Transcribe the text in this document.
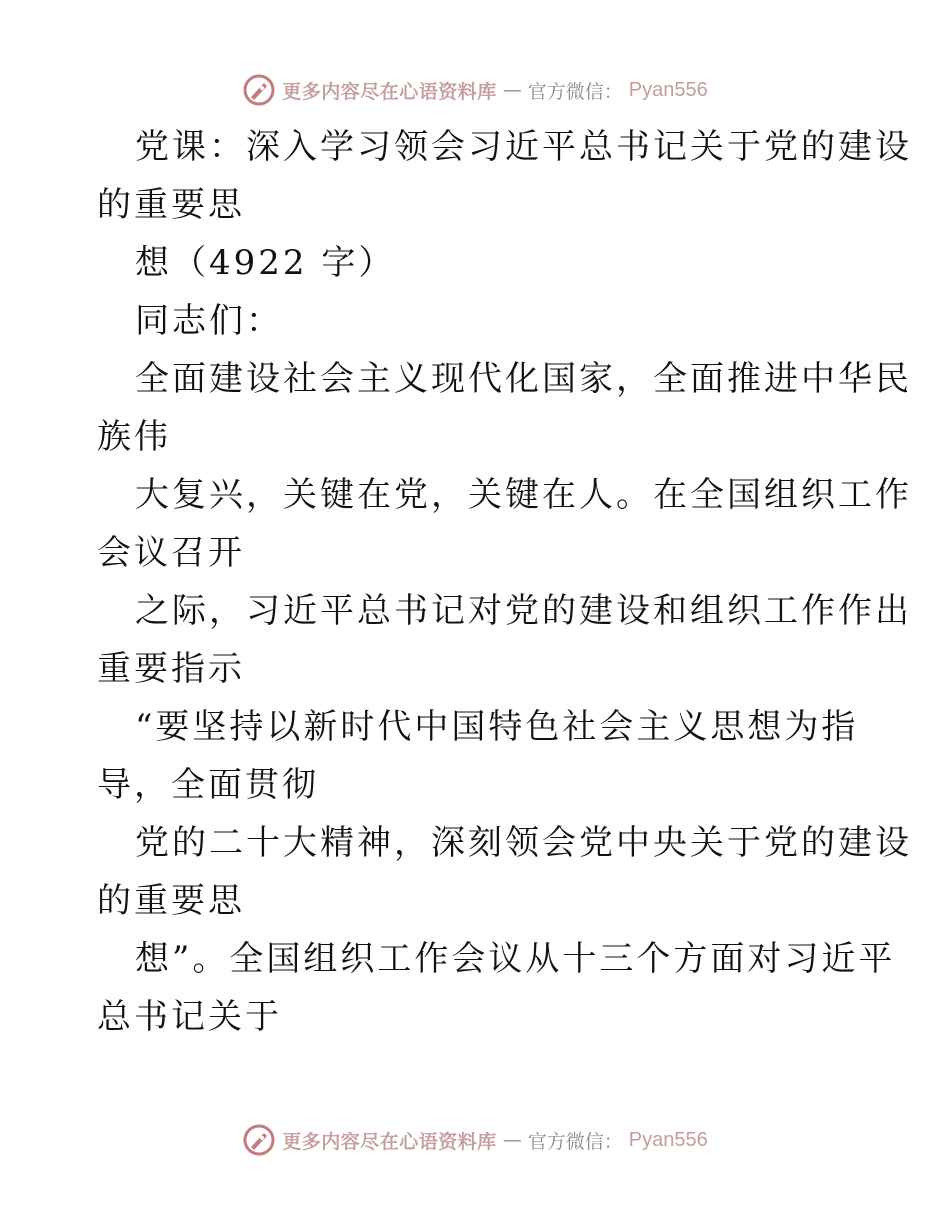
更多内容尽在心语资料库 — 官方微信： Pyan556
党课：深入学习领会习近平总书记关于党的建设
的重要思
想（4922 字）
同志们：
全面建设社会主义现代化国家，全面推进中华民
族伟
大复兴，关键在党，关键在人。在全国组织工作
会议召开
之际，习近平总书记对党的建设和组织工作作出
重要指示
“要坚持以新时代中国特色社会主义思想为指
导，全面贯彻
党的二十大精神，深刻领会党中央关于党的建设
的重要思
想”。全国组织工作会议从十三个方面对习近平
总书记关于
更多内容尽在心语资料库 — 官方微信： Pyan556
